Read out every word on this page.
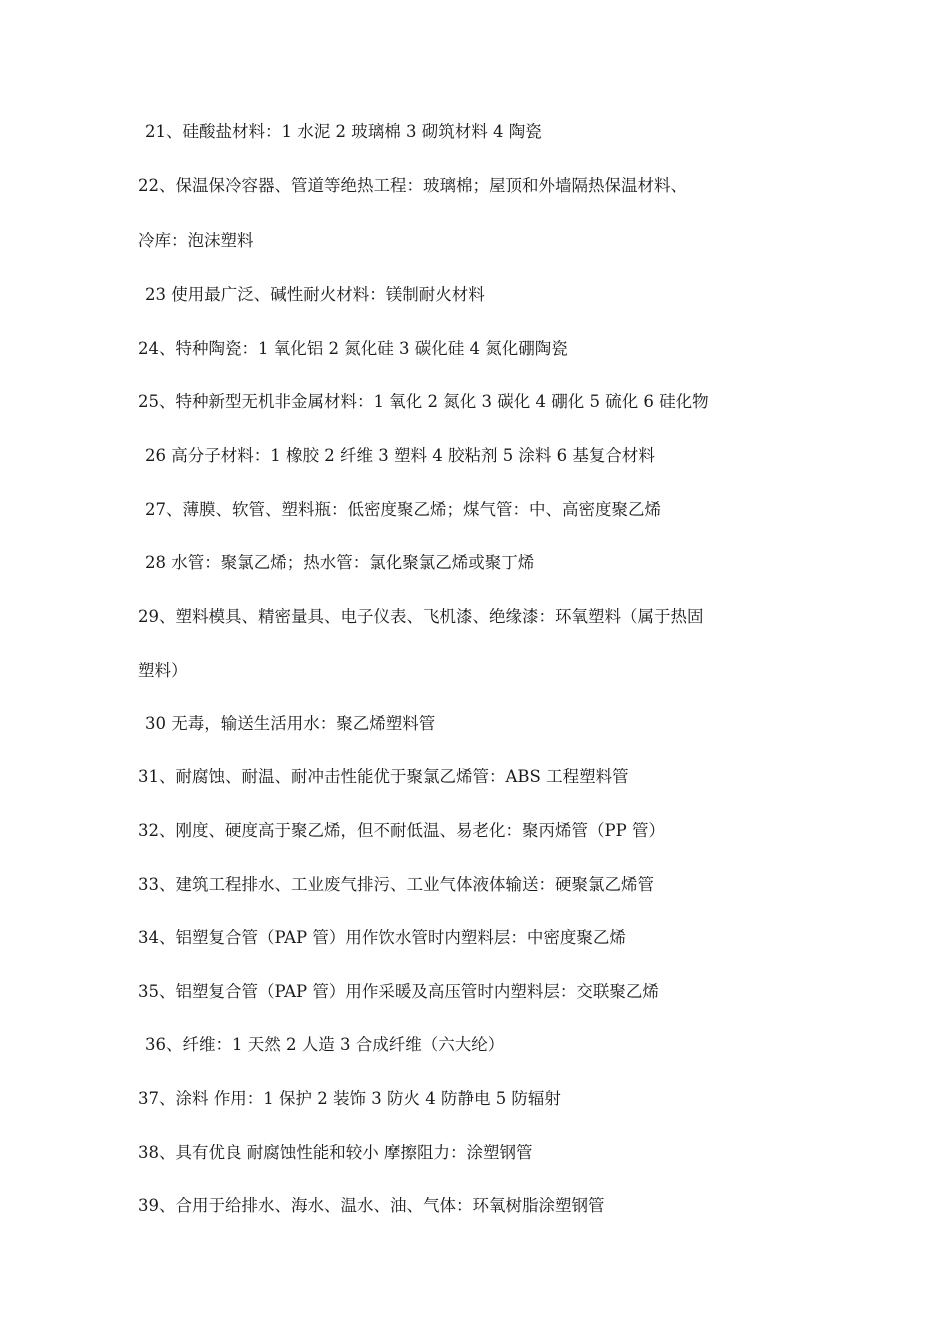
21、硅酸盐材料：1 水泥 2 玻璃棉 3 砌筑材料 4 陶瓷
22、保温保冷容器、管道等绝热工程：玻璃棉；屋顶和外墙隔热保温材料、
冷库：泡沫塑料
23 使用最广泛、碱性耐火材料：镁制耐火材料
24、特种陶瓷：1 氧化铝 2 氮化硅 3 碳化硅 4 氮化硼陶瓷
25、特种新型无机非金属材料：1 氧化 2 氮化 3 碳化 4 硼化 5 硫化 6 硅化物
26 高分子材料：1 橡胶 2 纤维 3 塑料 4 胶粘剂 5 涂料 6 基复合材料
27、薄膜、软管、塑料瓶：低密度聚乙烯；煤气管：中、高密度聚乙烯
28 水管：聚氯乙烯；热水管：氯化聚氯乙烯或聚丁烯
29、塑料模具、精密量具、电子仪表、飞机漆、绝缘漆：环氧塑料（属于热固
塑料）
30 无毒，输送生活用水：聚乙烯塑料管
31、耐腐蚀、耐温、耐冲击性能优于聚氯乙烯管：ABS 工程塑料管
32、刚度、硬度高于聚乙烯，但不耐低温、易老化：聚丙烯管（PP 管）
33、建筑工程排水、工业废气排污、工业气体液体输送：硬聚氯乙烯管
34、铝塑复合管（PAP 管）用作饮水管时内塑料层：中密度聚乙烯
35、铝塑复合管（PAP 管）用作采暖及高压管时内塑料层：交联聚乙烯
36、纤维：1 天然 2 人造 3 合成纤维（六大纶）
37、涂料 作用：1 保护 2 装饰 3 防火 4 防静电 5 防辐射
38、具有优良 耐腐蚀性能和较小 摩擦阻力：涂塑钢管
39、合用于给排水、海水、温水、油、气体：环氧树脂涂塑钢管
